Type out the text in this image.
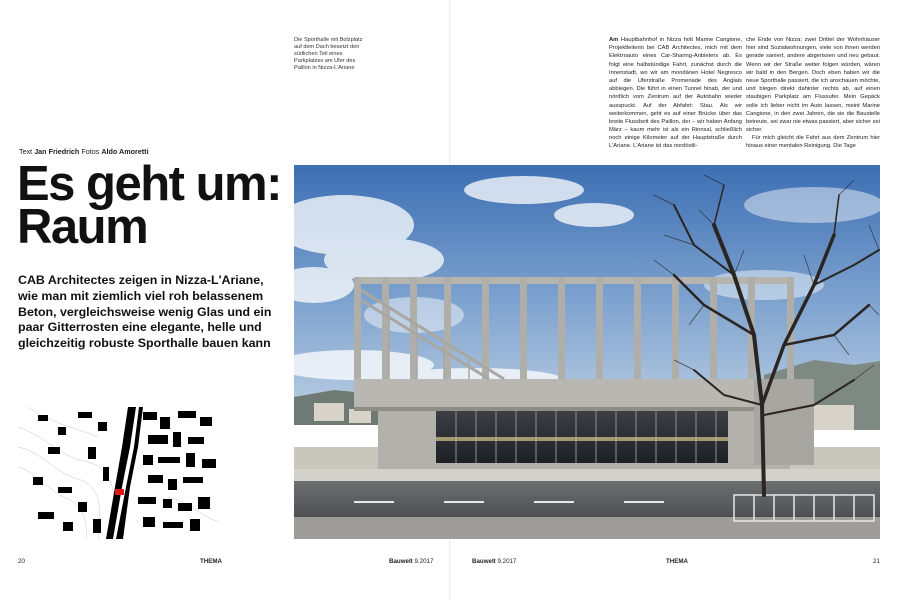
Die Sporthalle mit Bolzplatz auf dem Dach besetzt den südlichen Teil eines Parkplatzes am Ufer des Paillon in Nizza-L'Ariane

Text Jan Friedrich Fotos Aldo Amoretti
Es geht um:
Raum

CAB Architectes zeigen in Nizza-L'Ariane, wie man mit ziemlich viel roh belassenem Beton, vergleichsweise wenig Glas und ein paar Gitterrosten eine elegante, helle und gleichzeitig robuste Sporthalle bauen kann

Am Hauptbahnhof in Nizza holt Marine Cangione, Projektleiterin bei CAB Architectes, mich mit dem Elektroauto eines Car-Sharing-Anbieters ab. Es folgt eine halbstündige Fahrt, zunächst durch die Innenstadt, wo wir am mondänen Hotel Negresco auf die Uferstraße Promenade des Anglais abbiegen. Die führt in einen Tunnel hinab, der und nördlich vom Zentrum auf der Autobahn wieder ausspuckt. Auf der Abfahrt: Stau. Als wir weiterkommen, geht es auf einer Brücke über das breite Flussbett des Paillon, der – wir haben Anfang März – kaum mehr ist als ein Rinnsal, schließlich noch einige Kilometer auf der Hauptstraße durch L'Ariane. L'Ariane ist das nordöstli-

che Ende von Nizza; zwei Drittel der Wohnhäuser hier sind Sozialwohnungen, viele von ihnen werden gerade saniert, andere abgerissen und neu gebaut. Wenn wir der Straße weiter folgen würden, wären wir bald in den Bergen. Doch eben haben wir die neue Sporthalle passiert, die ich anschauen möchte, und biegen direkt dahinter rechts ab, auf einen staubigen Parkplatz am Flussufer. Mein Gepäck solle ich lieber nicht im Auto lassen, meint Marine Cangione, in den zwei Jahren, die sie die Baustelle betreute, sei zwar nie etwas passiert, aber sicher sei sicher.
Für mich gleicht die Fahrt aus dem Zentrum hier hinaus einer mentalen Reinigung. Die Tage
20	THEMA	Bauwelt 9.2017	Bauwelt 9.2017	THEMA	21
